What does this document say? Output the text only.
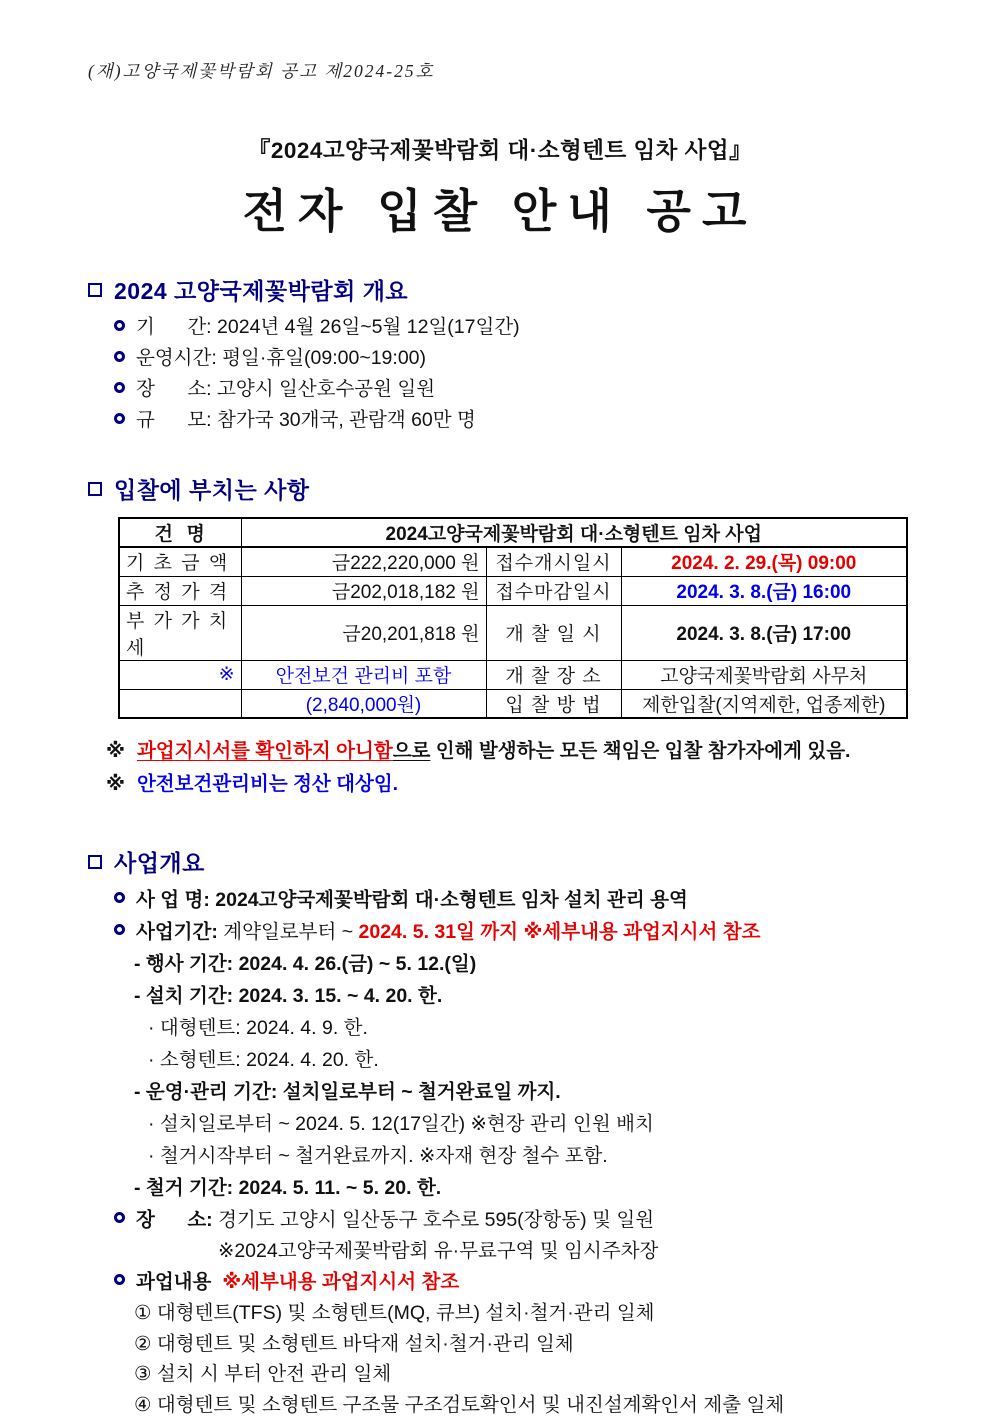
(재)고양국제꽃박람회 공고 제2024-25호
『2024고양국제꽃박람회 대·소형텐트 임차 사업』
전자 입찰 안내 공고
2024 고양국제꽃박람회 개요
기      간: 2024년 4월 26일~5월 12일(17일간)
운영시간: 평일·휴일(09:00~19:00)
장      소: 고양시 일산호수공원 일원
규      모: 참가국 30개국, 관람객 60만 명
입찰에 부치는 사항
건  명	2024고양국제꽃박람회 대·소형텐트 임차 사업		
기 초 금 액	금222,220,000 원	접수개시일시	2024. 2. 29.(목) 09:00
추 정 가 격	금202,018,182 원	접수마감일시	2024. 3. 8.(금) 16:00
부 가 가 치 세	금20,201,818 원	개 찰 일 시	2024. 3. 8.(금) 17:00
※	안전보건 관리비 포함	개 찰 장 소	고양국제꽃박람회 사무처
	(2,840,000원)	입 찰 방 법	제한입찰(지역제한, 업종제한)
※ 과업지시서를 확인하지 아니함으로 인해 발생하는 모든 책임은 입찰 참가자에게 있음.
※ 안전보건관리비는 정산 대상임.
사업개요
사 업 명: 2024고양국제꽃박람회 대·소형텐트 임차 설치 관리 용역
사업기간: 계약일로부터 ~ 2024. 5. 31일 까지 ※세부내용 과업지시서 참조
- 행사 기간: 2024. 4. 26.(금) ~ 5. 12.(일)
- 설치 기간: 2024. 3. 15. ~ 4. 20. 한.
· 대형텐트: 2024. 4. 9. 한.
· 소형텐트: 2024. 4. 20. 한.
- 운영·관리 기간: 설치일로부터 ~ 철거완료일 까지.
· 설치일로부터 ~ 2024. 5. 12(17일간) ※현장 관리 인원 배치
· 철거시작부터 ~ 철거완료까지. ※자재 현장 철수 포함.
- 철거 기간: 2024. 5. 11. ~ 5. 20. 한.
장      소: 경기도 고양시 일산동구 호수로 595(장항동) 및 일원
※2024고양국제꽃박람회 유·무료구역 및 임시주차장
과업내용 ※세부내용 과업지시서 참조
① 대형텐트(TFS) 및 소형텐트(MQ, 큐브) 설치·철거·관리 일체
② 대형텐트 및 소형텐트 바닥재 설치·철거·관리 일체
③ 설치 시 부터 안전 관리 일체
④ 대형텐트 및 소형텐트 구조물 구조검토확인서 및 내진설계확인서 제출 일체
